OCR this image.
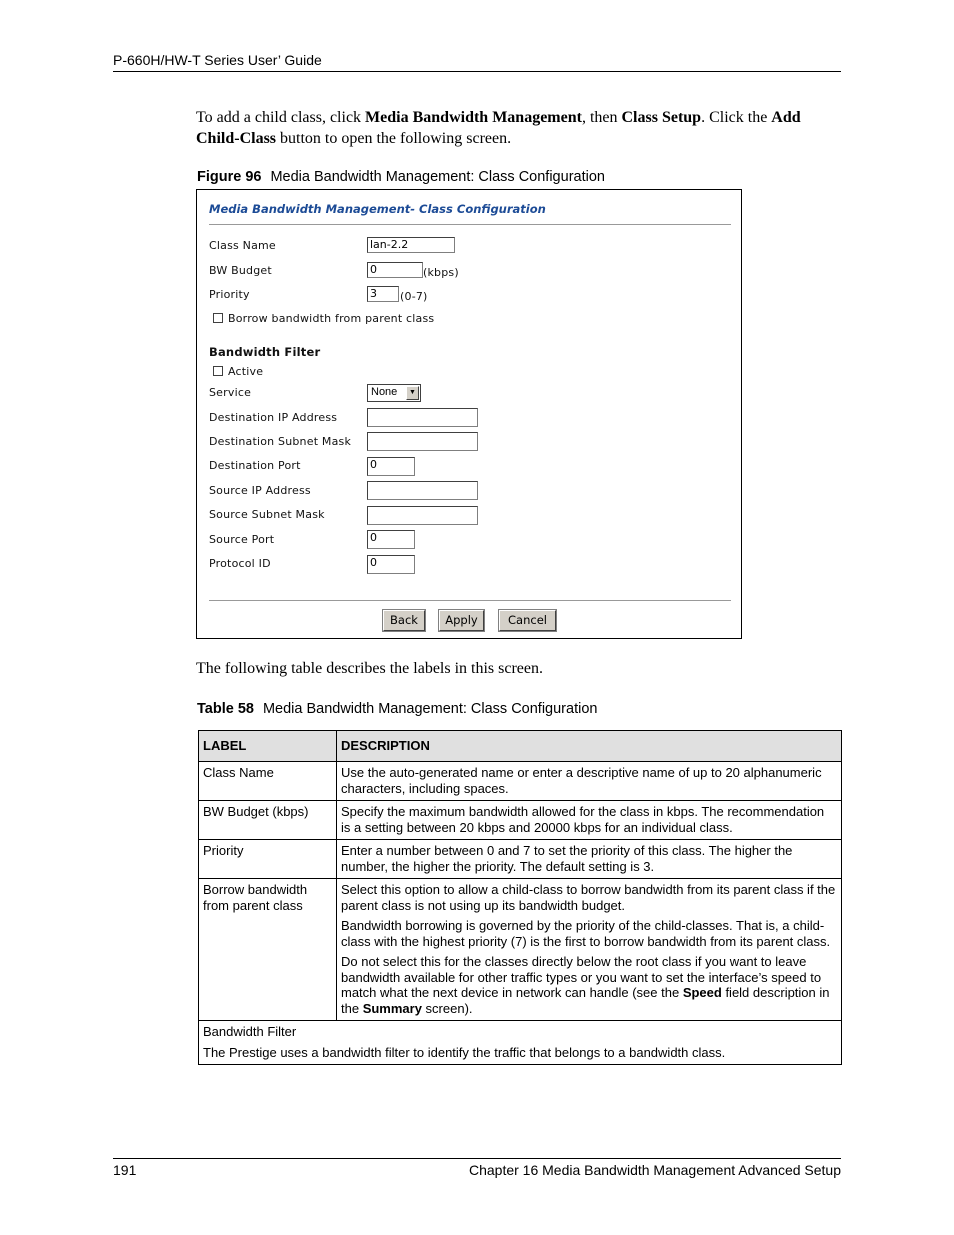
P-660H/HW-T Series User’ Guide
To add a child class, click Media Bandwidth Management, then Class Setup. Click the Add Child-Class button to open the following screen.
Figure 96 Media Bandwidth Management: Class Configuration
Media Bandwidth Management- Class Configuration
Class Name	lan-2.2
BW Budget	0	(kbps)
Priority	3	(0-7)
Borrow bandwidth from parent class
Bandwidth Filter
Active
Service	None	▼
Destination IP Address
Destination Subnet Mask
Destination Port	0
Source IP Address
Source Subnet Mask
Source Port	0
Protocol ID	0
Back	Apply	Cancel
The following table describes the labels in this screen.
Table 58 Media Bandwidth Management: Class Configuration
LABEL	DESCRIPTION
Class Name	Use the auto-generated name or enter a descriptive name of up to 20 alphanumeric characters, including spaces.
BW Budget (kbps)	Specify the maximum bandwidth allowed for the class in kbps. The recommendation is a setting between 20 kbps and 20000 kbps for an individual class.
Priority	Enter a number between 0 and 7 to set the priority of this class. The higher the number, the higher the priority. The default setting is 3.
Borrow bandwidth from parent class	Select this option to allow a child-class to borrow bandwidth from its parent class if the parent class is not using up its bandwidth budget.

Bandwidth borrowing is governed by the priority of the child-classes. That is, a child-class with the highest priority (7) is the first to borrow bandwidth from its parent class.

Do not select this for the classes directly below the root class if you want to leave bandwidth available for other traffic types or you want to set the interface’s speed to match what the next device in network can handle (see the Speed field description in the Summary screen).

Bandwidth Filter
The Prestige uses a bandwidth filter to identify the traffic that belongs to a bandwidth class.	
191	Chapter 16 Media Bandwidth Management Advanced Setup
